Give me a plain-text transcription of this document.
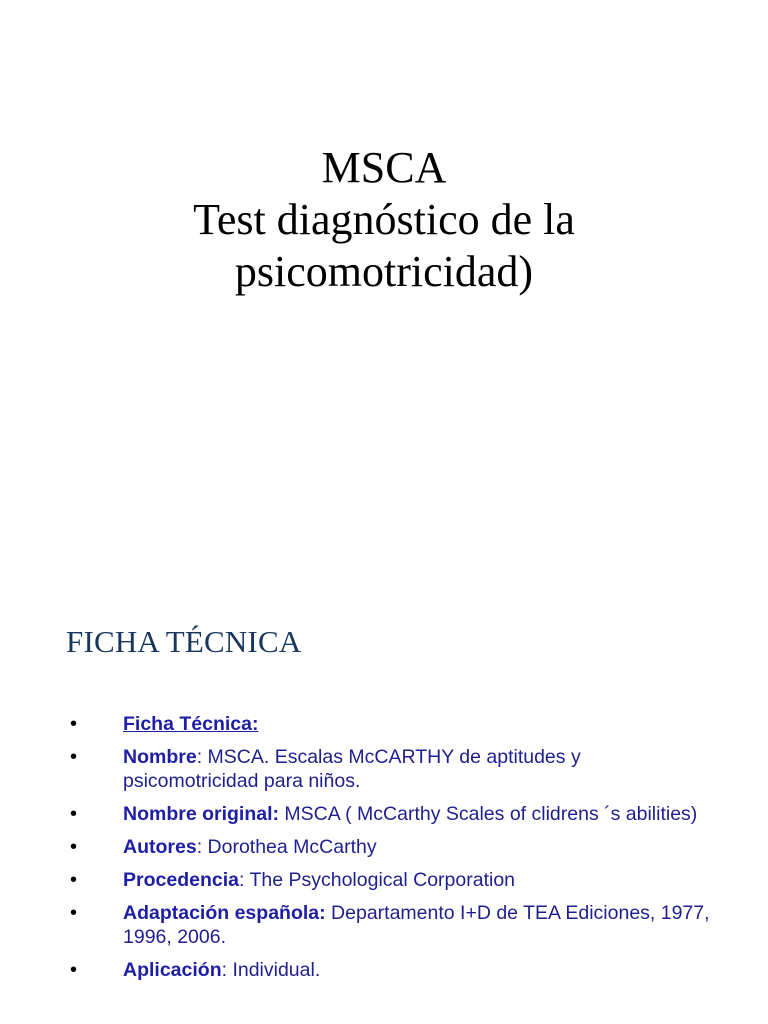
MSCA
Test diagnóstico de la
psicomotricidad)
FICHA TÉCNICA
• Ficha Técnica:
• Nombre: MSCA. Escalas McCARTHY de aptitudes y psicomotricidad para niños.
• Nombre original: MSCA ( McCarthy Scales of clidrens ´s abilities)
• Autores: Dorothea McCarthy
• Procedencia: The Psychological Corporation
• Adaptación española: Departamento I+D de TEA Ediciones, 1977, 1996, 2006.
• Aplicación: Individual.
